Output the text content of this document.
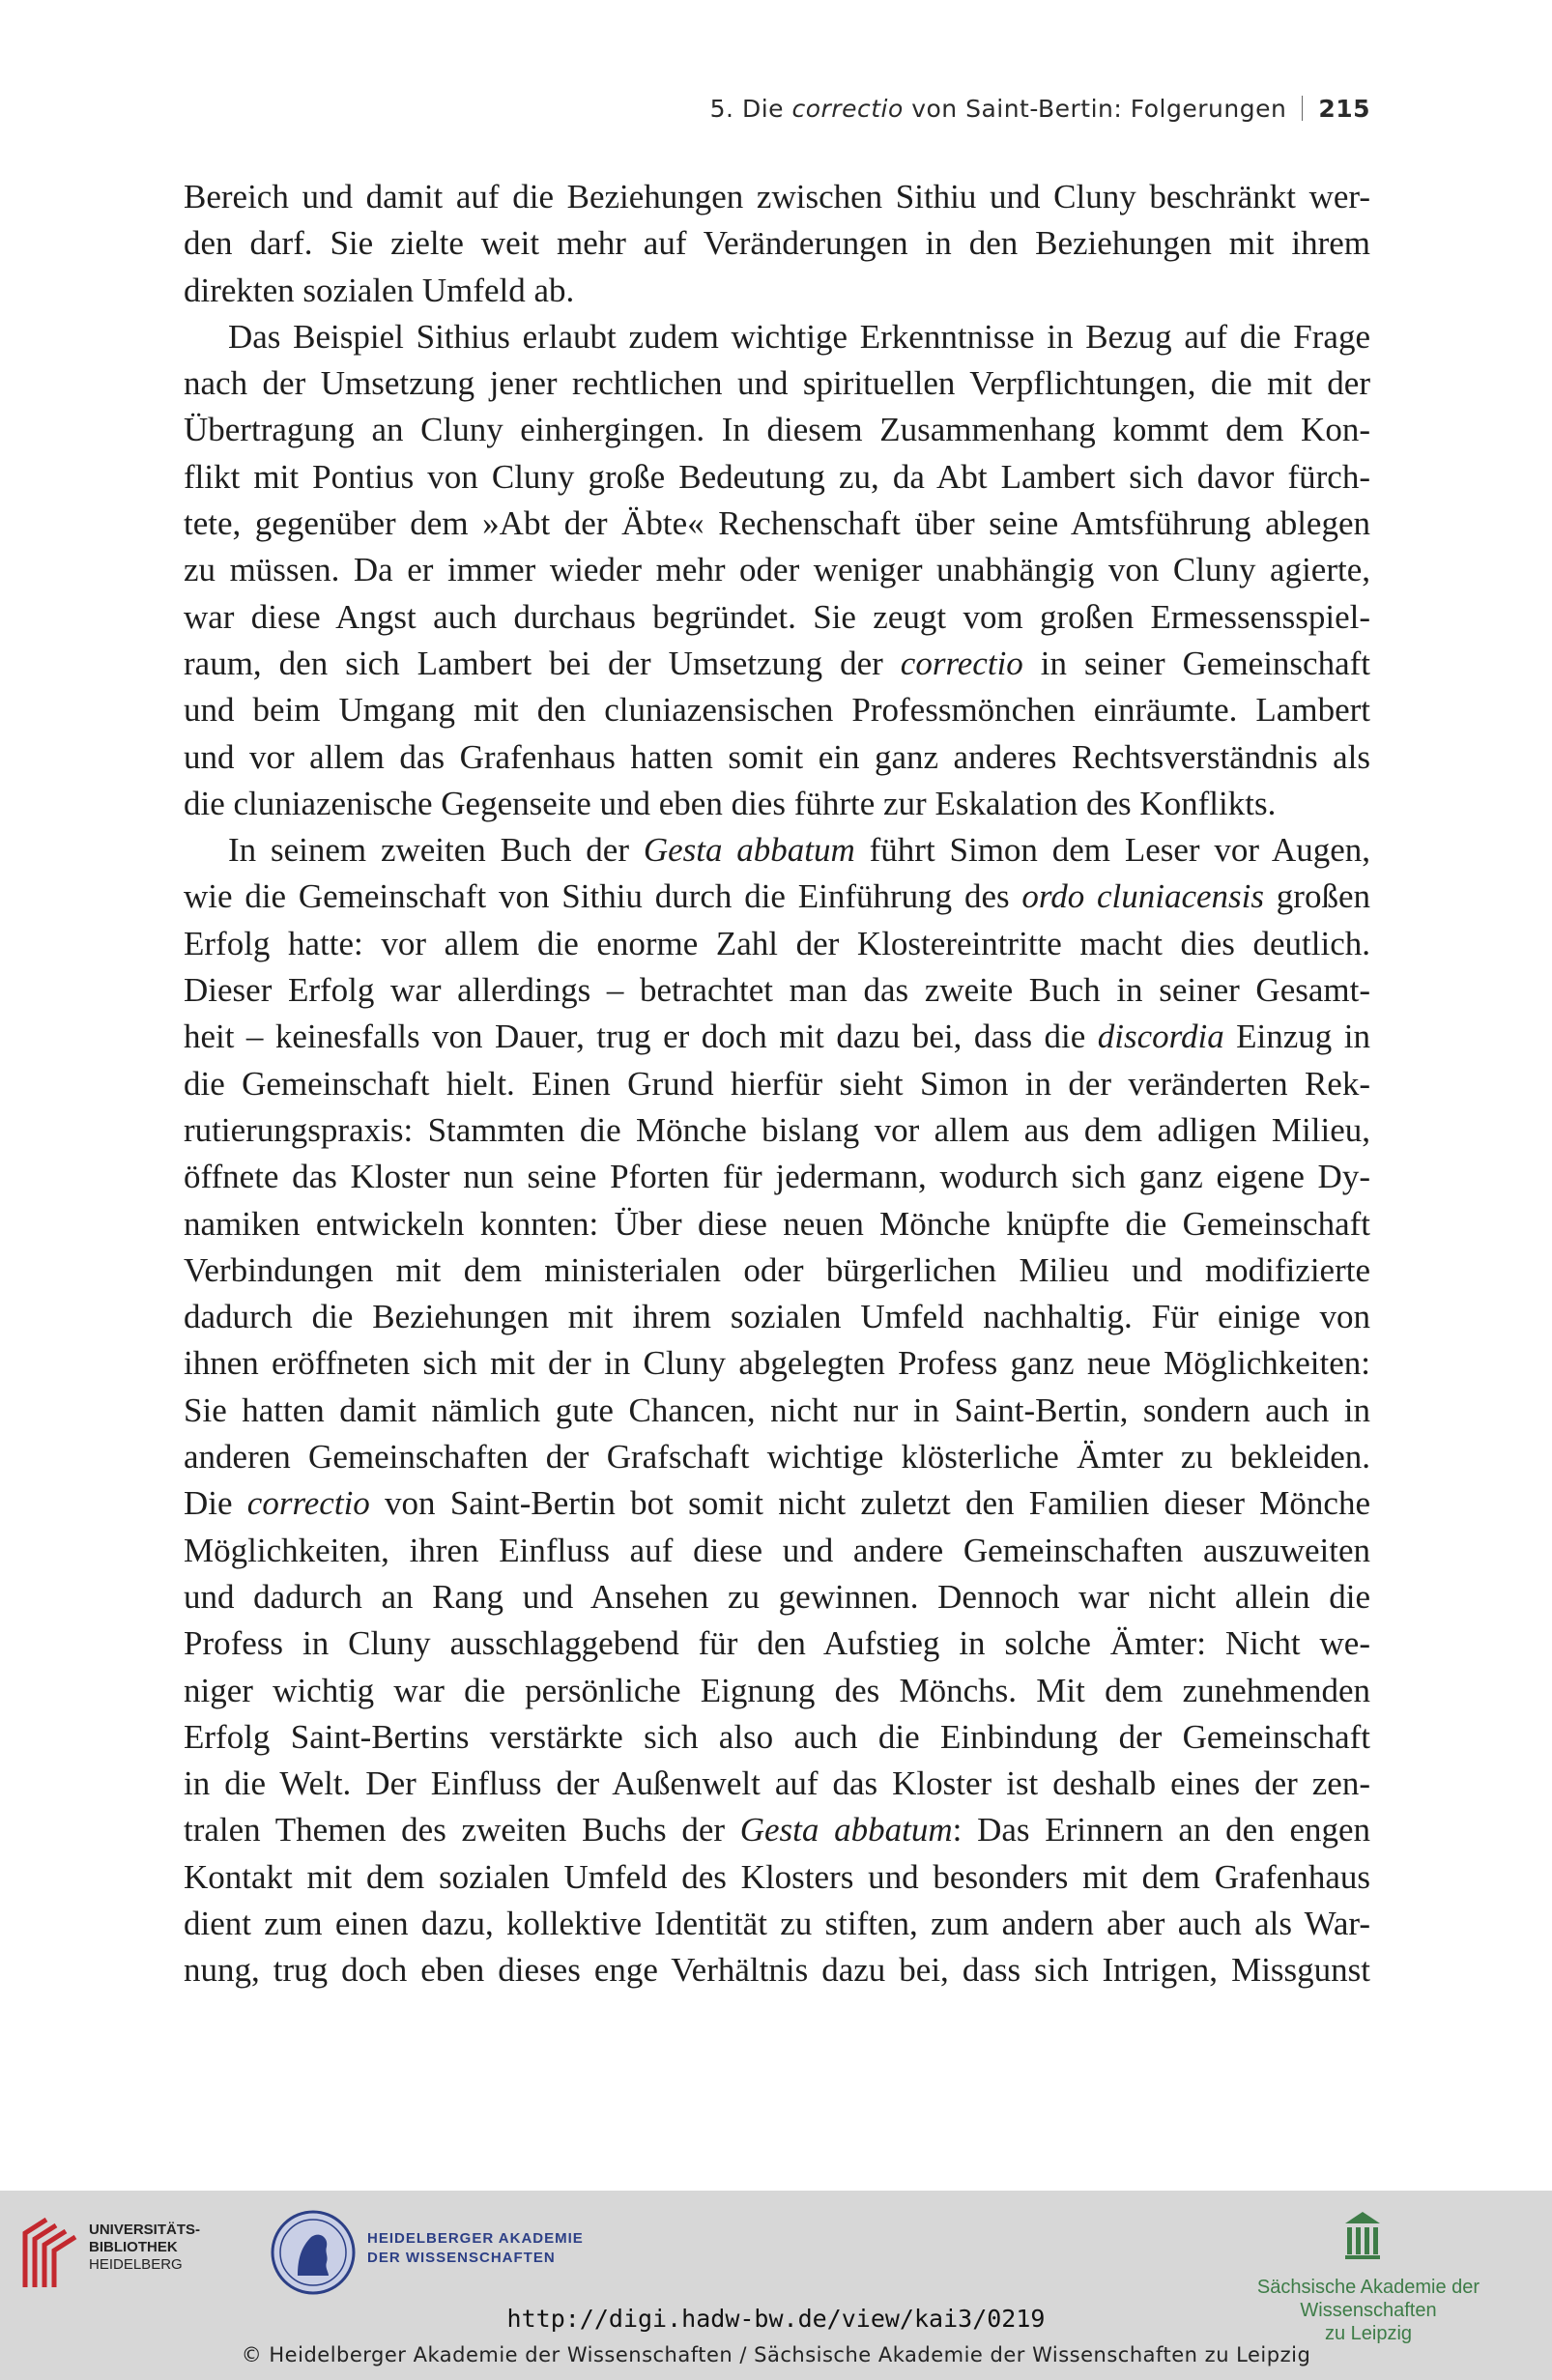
5. Die correctio von Saint-Bertin: Folgerungen 215
Bereich und damit auf die Beziehungen zwischen Sithiu und Cluny beschränkt wer-
den darf. Sie zielte weit mehr auf Veränderungen in den Beziehungen mit ihrem
direkten sozialen Umfeld ab.
Das Beispiel Sithius erlaubt zudem wichtige Erkenntnisse in Bezug auf die Frage
nach der Umsetzung jener rechtlichen und spirituellen Verpflichtungen, die mit der
Übertragung an Cluny einhergingen. In diesem Zusammenhang kommt dem Kon-
flikt mit Pontius von Cluny große Bedeutung zu, da Abt Lambert sich davor fürch-
tete, gegenüber dem »Abt der Äbte« Rechenschaft über seine Amtsführung ablegen
zu müssen. Da er immer wieder mehr oder weniger unabhängig von Cluny agierte,
war diese Angst auch durchaus begründet. Sie zeugt vom großen Ermessensspiel-
raum, den sich Lambert bei der Umsetzung der correctio in seiner Gemeinschaft
und beim Umgang mit den cluniazensischen Professmönchen einräumte. Lambert
und vor allem das Grafenhaus hatten somit ein ganz anderes Rechtsverständnis als
die cluniazenische Gegenseite und eben dies führte zur Eskalation des Konflikts.
In seinem zweiten Buch der Gesta abbatum führt Simon dem Leser vor Augen,
wie die Gemeinschaft von Sithiu durch die Einführung des ordo cluniacensis großen
Erfolg hatte: vor allem die enorme Zahl der Klostereintritte macht dies deutlich.
Dieser Erfolg war allerdings – betrachtet man das zweite Buch in seiner Gesamt-
heit – keinesfalls von Dauer, trug er doch mit dazu bei, dass die discordia Einzug in
die Gemeinschaft hielt. Einen Grund hierfür sieht Simon in der veränderten Rek-
rutierungspraxis: Stammten die Mönche bislang vor allem aus dem adligen Milieu,
öffnete das Kloster nun seine Pforten für jedermann, wodurch sich ganz eigene Dy-
namiken entwickeln konnten: Über diese neuen Mönche knüpfte die Gemeinschaft
Verbindungen mit dem ministerialen oder bürgerlichen Milieu und modifizierte
dadurch die Beziehungen mit ihrem sozialen Umfeld nachhaltig. Für einige von
ihnen eröffneten sich mit der in Cluny abgelegten Profess ganz neue Möglichkeiten:
Sie hatten damit nämlich gute Chancen, nicht nur in Saint-Bertin, sondern auch in
anderen Gemeinschaften der Grafschaft wichtige klösterliche Ämter zu bekleiden.
Die correctio von Saint-Bertin bot somit nicht zuletzt den Familien dieser Mönche
Möglichkeiten, ihren Einfluss auf diese und andere Gemeinschaften auszuweiten
und dadurch an Rang und Ansehen zu gewinnen. Dennoch war nicht allein die
Profess in Cluny ausschlaggebend für den Aufstieg in solche Ämter: Nicht we-
niger wichtig war die persönliche Eignung des Mönchs. Mit dem zunehmenden
Erfolg Saint-Bertins verstärkte sich also auch die Einbindung der Gemeinschaft
in die Welt. Der Einfluss der Außenwelt auf das Kloster ist deshalb eines der zen-
tralen Themen des zweiten Buchs der Gesta abbatum: Das Erinnern an den engen
Kontakt mit dem sozialen Umfeld des Klosters und besonders mit dem Grafenhaus
dient zum einen dazu, kollektive Identität zu stiften, zum andern aber auch als War-
nung, trug doch eben dieses enge Verhältnis dazu bei, dass sich Intrigen, Missgunst
UNIVERSITÄTS-
BIBLIOTHEK
HEIDELBERG
HEIDELBERGER AKADEMIE
DER WISSENSCHAFTEN
Sächsische Akademie der Wissenschaften
zu Leipzig
http://digi.hadw-bw.de/view/kai3/0219
© Heidelberger Akademie der Wissenschaften / Sächsische Akademie der Wissenschaften zu Leipzig
